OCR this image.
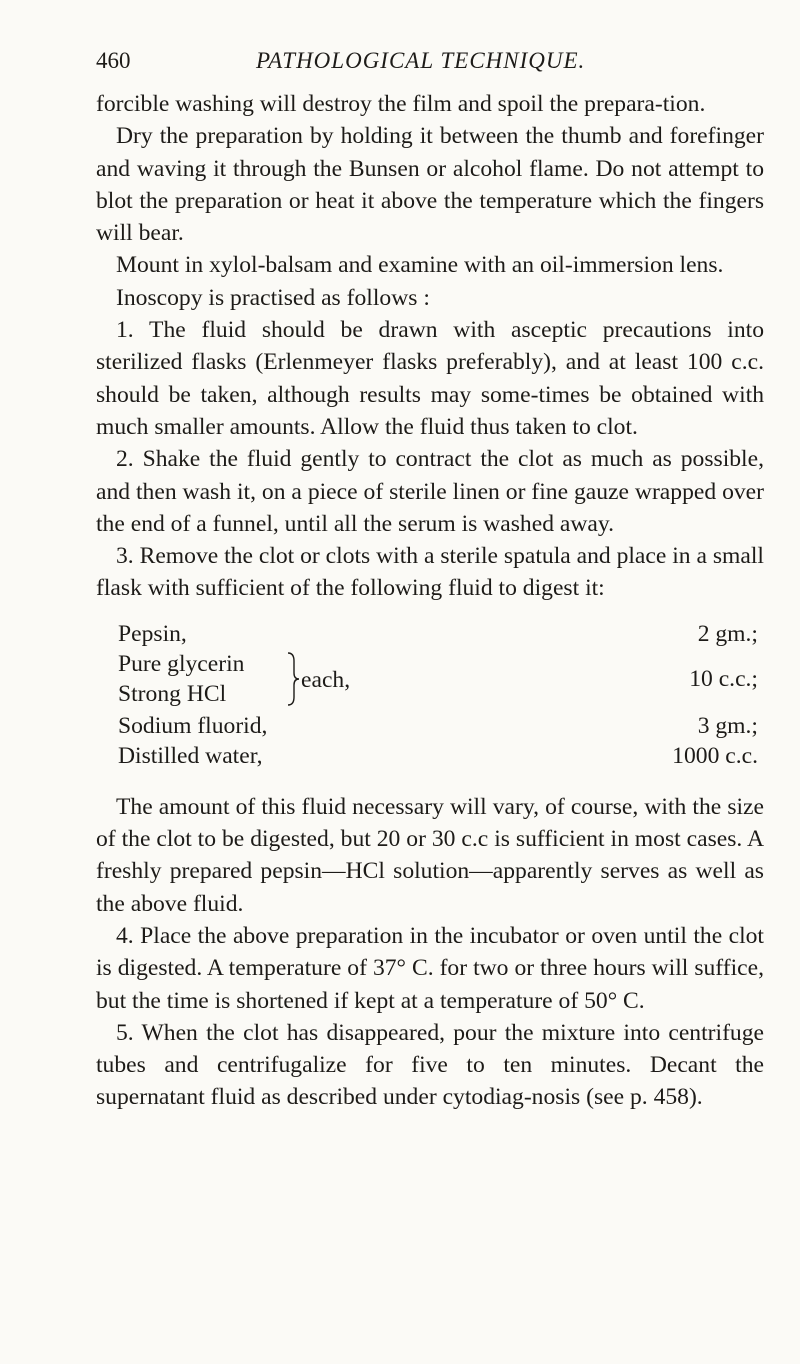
460	PATHOLOGICAL TECHNIQUE.

forcible washing will destroy the film and spoil the prepara-tion.

Dry the preparation by holding it between the thumb and forefinger and waving it through the Bunsen or alcohol flame. Do not attempt to blot the preparation or heat it above the temperature which the fingers will bear.

Mount in xylol-balsam and examine with an oil-immersion lens.

Inoscopy is practised as follows :

1. The fluid should be drawn with asceptic precautions into sterilized flasks (Erlenmeyer flasks preferably), and at least 100 c.c. should be taken, although results may some-times be obtained with much smaller amounts. Allow the fluid thus taken to clot.

2. Shake the fluid gently to contract the clot as much as possible, and then wash it, on a piece of sterile linen or fine gauze wrapped over the end of a funnel, until all the serum is washed away.

3. Remove the clot or clots with a sterile spatula and place in a small flask with sufficient of the following fluid to digest it:

Pepsin,	2 gm.;
Pure glycerin
Strong HCl
each,	10 c.c.;
Sodium fluorid,	3 gm.;
Distilled water,	1000 c.c.

The amount of this fluid necessary will vary, of course, with the size of the clot to be digested, but 20 or 30 c.c is sufficient in most cases. A freshly prepared pepsin—HCl solution—apparently serves as well as the above fluid.

4. Place the above preparation in the incubator or oven until the clot is digested. A temperature of 37° C. for two or three hours will suffice, but the time is shortened if kept at a temperature of 50° C.

5. When the clot has disappeared, pour the mixture into centrifuge tubes and centrifugalize for five to ten minutes. Decant the supernatant fluid as described under cytodiag-nosis (see p. 458).
